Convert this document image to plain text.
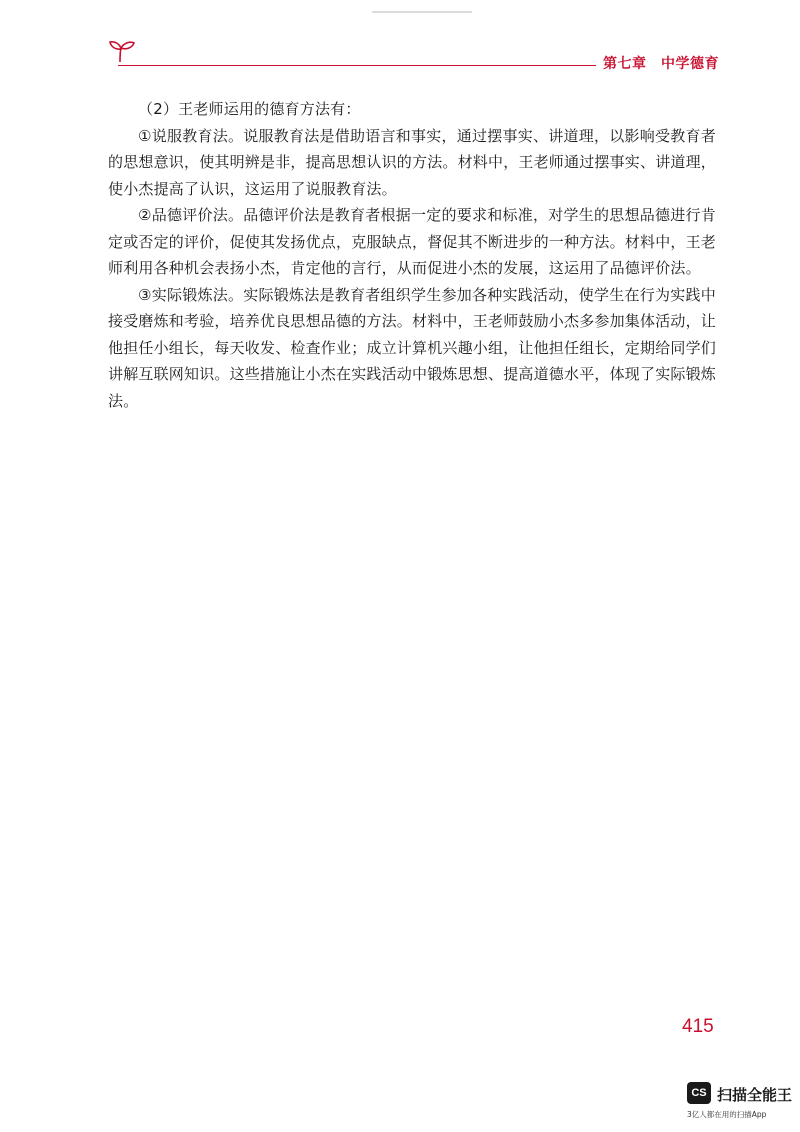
第七章　中学德育

（2）王老师运用的德育方法有：

①说服教育法。说服教育法是借助语言和事实，通过摆事实、讲道理，以影响受教育者的思想意识，使其明辨是非，提高思想认识的方法。材料中，王老师通过摆事实、讲道理，使小杰提高了认识，这运用了说服教育法。

②品德评价法。品德评价法是教育者根据一定的要求和标准，对学生的思想品德进行肯定或否定的评价，促使其发扬优点，克服缺点，督促其不断进步的一种方法。材料中，王老师利用各种机会表扬小杰，肯定他的言行，从而促进小杰的发展，这运用了品德评价法。

③实际锻炼法。实际锻炼法是教育者组织学生参加各种实践活动，使学生在行为实践中接受磨炼和考验，培养优良思想品德的方法。材料中，王老师鼓励小杰多参加集体活动，让他担任小组长，每天收发、检查作业；成立计算机兴趣小组，让他担任组长，定期给同学们讲解互联网知识。这些措施让小杰在实践活动中锻炼思想、提高道德水平，体现了实际锻炼法。

415
CS 扫描全能王
3亿人都在用的扫描App
